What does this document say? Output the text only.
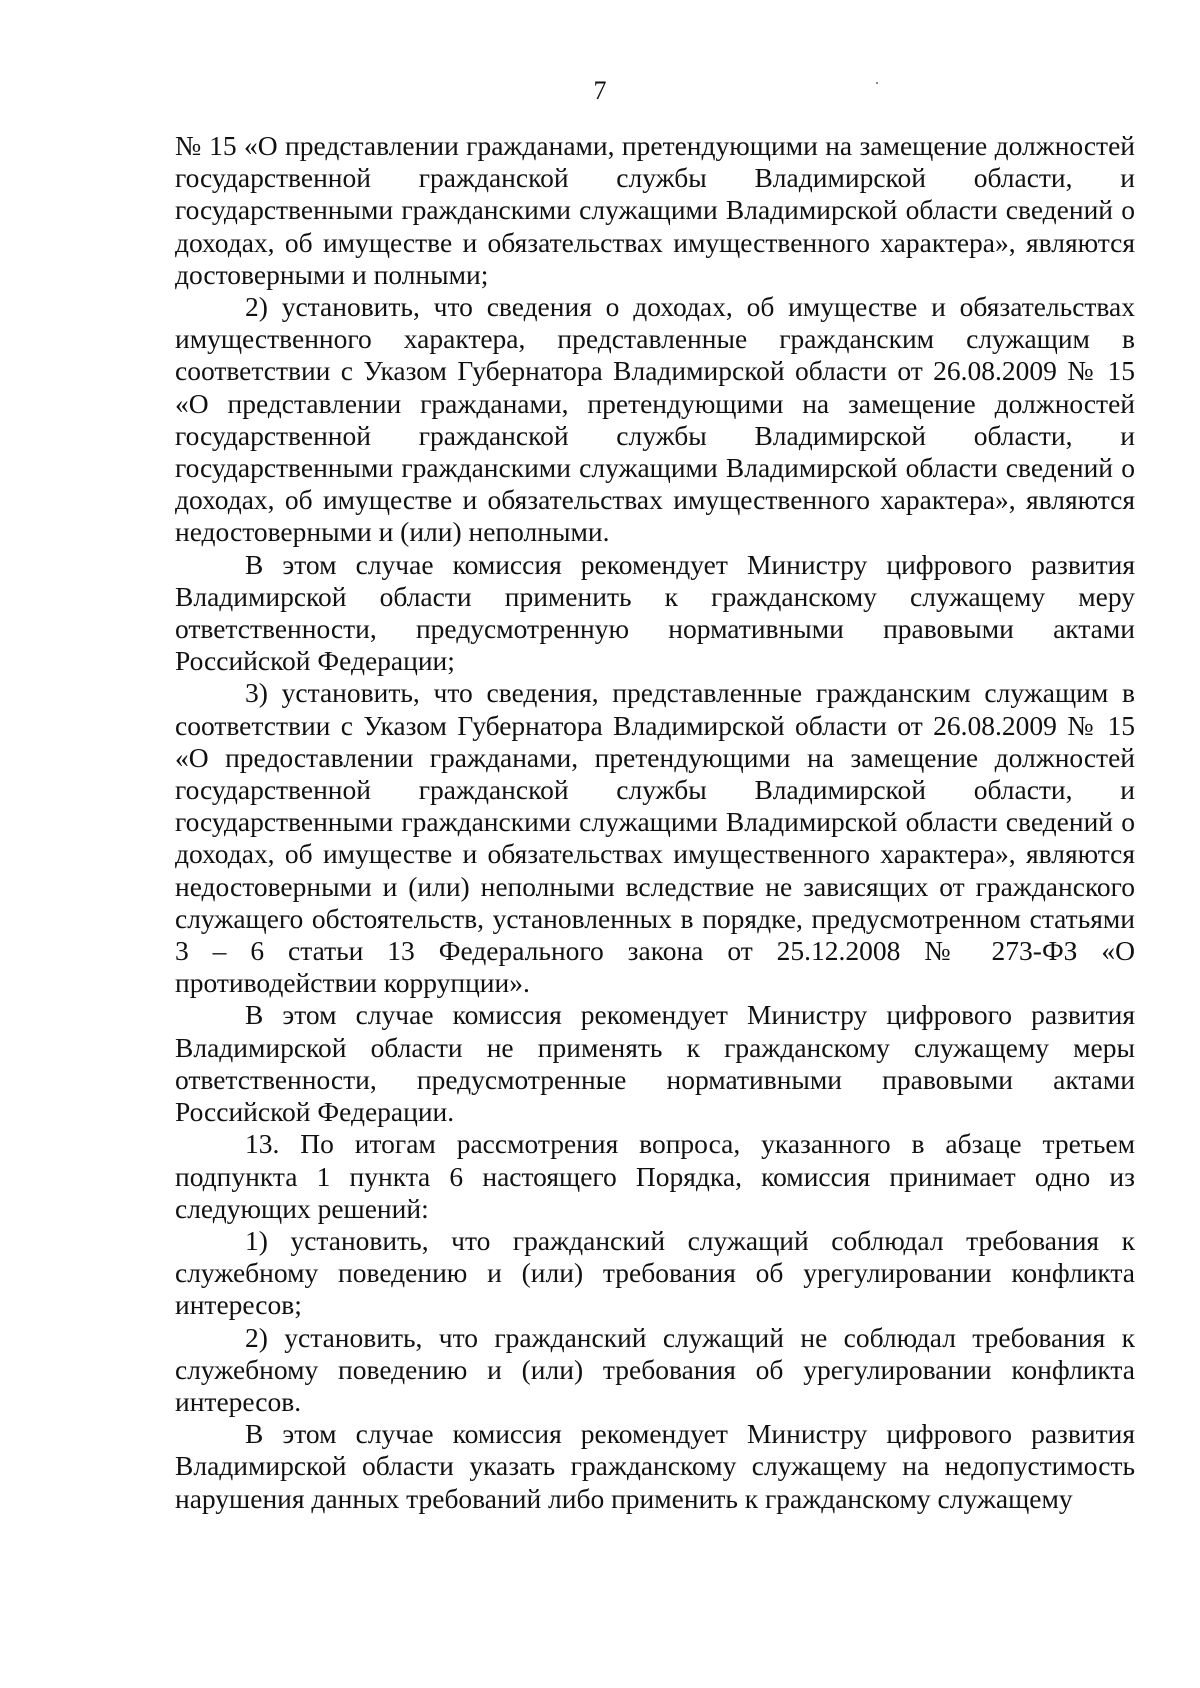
7

№ 15 «О представлении гражданами, претендующими на замещение должностей государственной гражданской службы Владимирской области, и государственными гражданскими служащими Владимирской области сведений о доходах, об имуществе и обязательствах имущественного характера», являются достоверными и полными;

2) установить, что сведения о доходах, об имуществе и обязательствах имущественного характера, представленные гражданским служащим в соответствии с Указом Губернатора Владимирской области от 26.08.2009 № 15 «О представлении гражданами, претендующими на замещение должностей государственной гражданской службы Владимирской области, и государственными гражданскими служащими Владимирской области сведений о доходах, об имуществе и обязательствах имущественного характера», являются недостоверными и (или) неполными.

В этом случае комиссия рекомендует Министру цифрового развития Владимирской области применить к гражданскому служащему меру ответственности, предусмотренную нормативными правовыми актами Российской Федерации;

3) установить, что сведения, представленные гражданским служащим в соответствии с Указом Губернатора Владимирской области от 26.08.2009 № 15 «О предоставлении гражданами, претендующими на замещение должностей государственной гражданской службы Владимирской области, и государственными гражданскими служащими Владимирской области сведений о доходах, об имуществе и обязательствах имущественного характера», являются недостоверными и (или) неполными вследствие не зависящих от гражданского служащего обстоятельств, установленных в порядке, предусмотренном статьями 3 – 6 статьи 13 Федерального закона от 25.12.2008 № 273-ФЗ «О противодействии коррупции».

В этом случае комиссия рекомендует Министру цифрового развития Владимирской области не применять к гражданскому служащему меры ответственности, предусмотренные нормативными правовыми актами Российской Федерации.

13. По итогам рассмотрения вопроса, указанного в абзаце третьем подпункта 1 пункта 6 настоящего Порядка, комиссия принимает одно из следующих решений:

1) установить, что гражданский служащий соблюдал требования к служебному поведению и (или) требования об урегулировании конфликта интересов;

2) установить, что гражданский служащий не соблюдал требования к служебному поведению и (или) требования об урегулировании конфликта интересов.

В этом случае комиссия рекомендует Министру цифрового развития Владимирской области указать гражданскому служащему на недопустимость нарушения данных требований либо применить к гражданскому служащему
